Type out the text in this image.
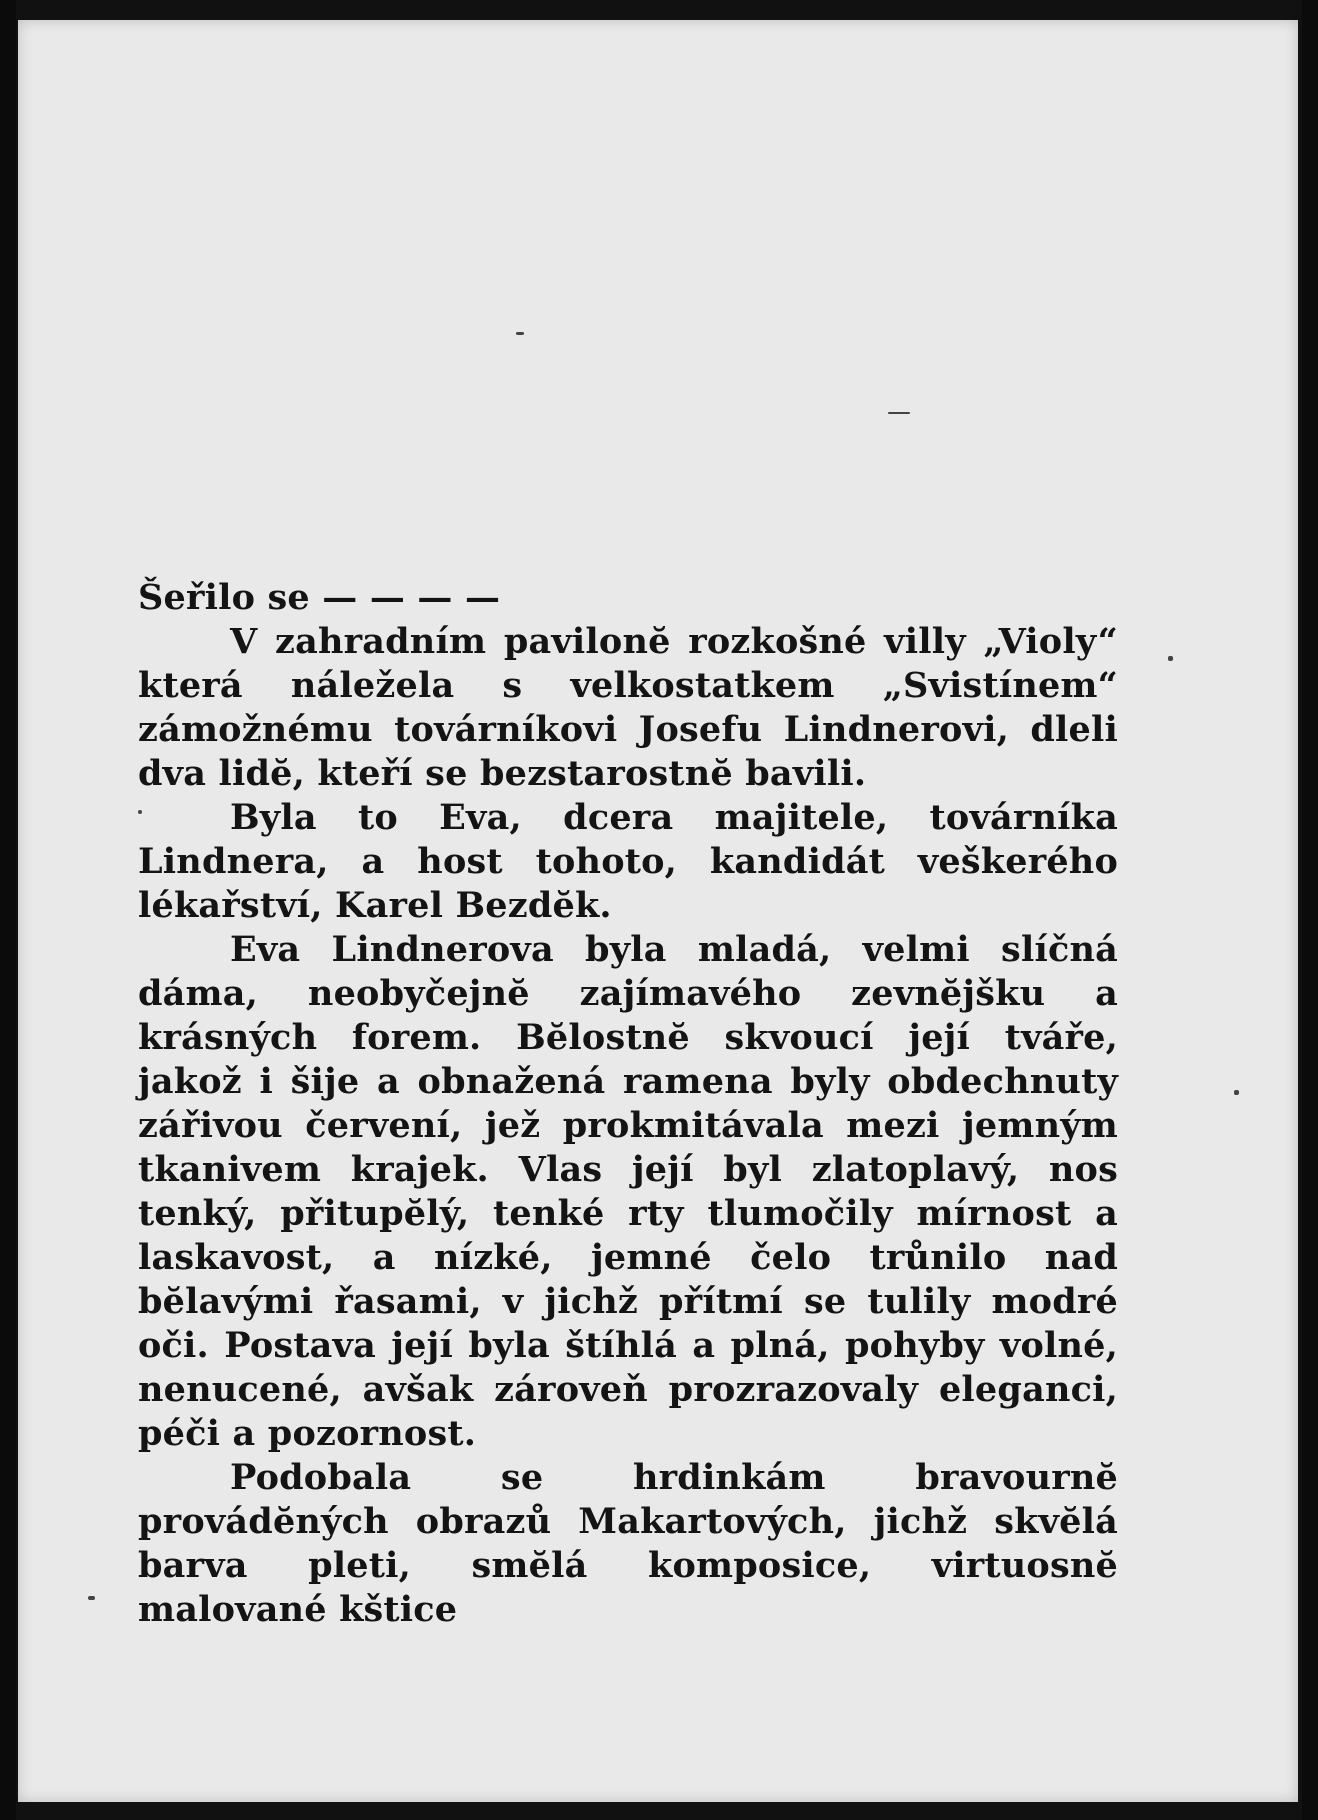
Šeřilo se — — — —

V zahradním pavilonĕ rozkošné villy „Violy“ která náležela s velkostatkem „Svistínem“ zámožnému továrníkovi Josefu Lindnerovi, dleli dva lidĕ, kteří se bezstarostnĕ bavili.

Byla to Eva, dcera majitele, továrníka Lindnera, a host tohoto, kandidát veškerého lékařství, Karel Bezdĕk.

Eva Lindnerova byla mladá, velmi slíčná dáma, neobyčejnĕ zajímavého zevnĕjšku a krásných forem. Bĕlostnĕ skvoucí její tváře, jakož i šije a obnažená ramena byly obdechnuty zářivou červení, jež prokmitávala mezi jemným tkanivem krajek. Vlas její byl zlatoplavý, nos tenký, přitupĕlý, tenké rty tlumočily mírnost a laskavost, a nízké, jemné čelo trůnilo nad bĕlavými řasami, v jichž přítmí se tulily modré oči. Postava její byla štíhlá a plná, pohyby volné, nenucené, avšak zároveň prozrazovaly eleganci, péči a pozornost.

Podobala se hrdinkám bravournĕ provádĕných obrazů Makartových, jichž skvĕlá barva pleti, smĕlá komposice, virtuosnĕ malované kštice
